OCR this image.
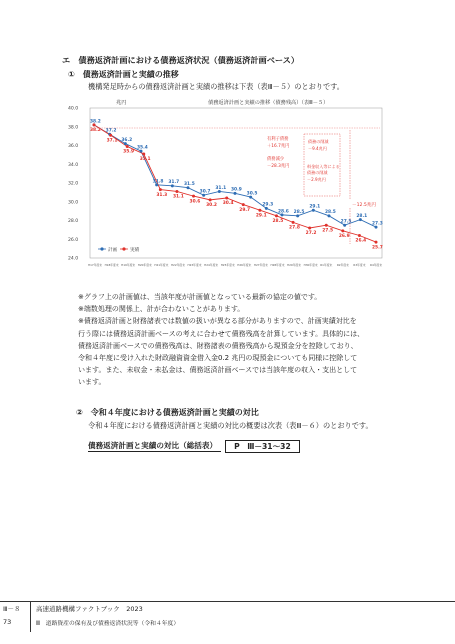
エ　債務返済計画における債務返済状況（債務返済計画ベース）
①　債務返済計画と実績の推移
機構発足時からの債務返済計画と実績の推移は下表（表Ⅲ－５）のとおりです。
兆円	債務返済計画と実績の推移（債務残高）（表Ⅲ－５）
40.0
38.0
36.0
34.0
32.0
30.0
28.0
26.0
24.0
H17年度末 H18年度末 H19年度末 H20年度末 H21年度末 H22年度末 H23年度末 H24年度末 H25年度末 H26年度末 H27年度末 H28年度末 H29年度末 H30年度末 R1年度末 R2年度末 R3年度末 R4年度末
38.2
37.2
36.2
35.4
31.8 31.7 31.5
30.7
31.1 30.9
30.5
29.3
28.6 28.5
29.1
28.5
27.5
28.1
27.3
38.2
37.1
35.9
35.1
31.3 31.1
30.6
30.2 30.4
29.7
29.1
28.5
27.8
27.2
27.5
26.9
26.4
25.7
有利子債務
＋16.7兆円
債務減少
－28.3兆円
債務の削減
－9.4兆円
料金収入等による
債務の削減
－2.9兆円
－12.5兆円
計画	実績
※グラフ上の計画値は、当該年度が計画値となっている最新の協定の値です。
※端数処理の関係上、計が合わないことがあります。
※債務返済計画と財務諸表では数値の扱いが異なる部分がありますので、計画実績対比を
行う際には債務返済計画ベースの考えに合わせて債務残高を計算しています。具体的には、
債務返済計画ベースでの債務残高は、財務諸表の債務残高から現預金分を控除しており、
令和４年度に受け入れた財政融資資金借入金0.2 兆円の現預金についても同様に控除して
います。また、未収金・未払金は、債務返済計画ベースでは当該年度の収入・支出として
います。
②　令和４年度における債務返済計画と実績の対比
令和４年度における債務返済計画と実績の対比の概要は次表（表Ⅲ－６）のとおりです。
債務返済計画と実績の対比（総括表）	P　Ⅲ－31～32
Ⅲ－８
73
高速道路機構ファクトブック　2023
Ⅲ　道路資産の保有及び債務返済状況等（令和４年度）
